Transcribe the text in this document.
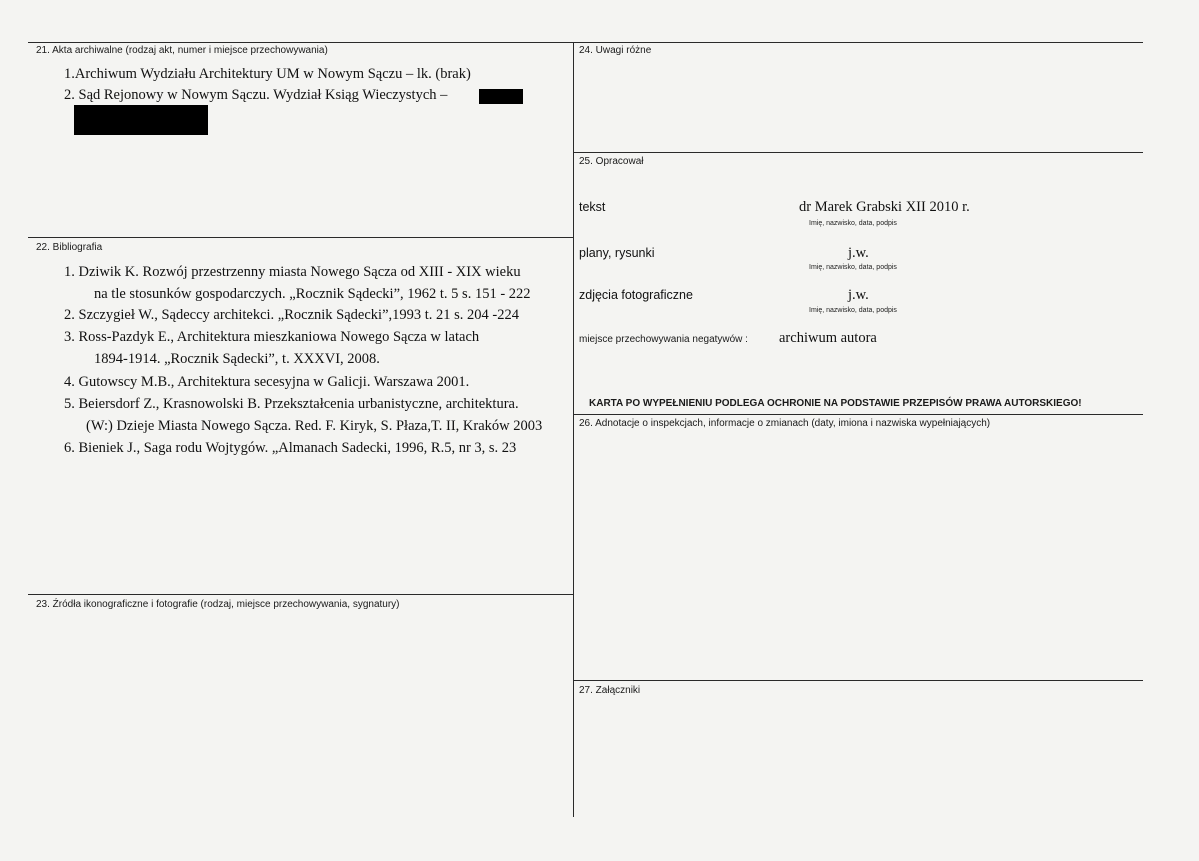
21. Akta archiwalne (rodzaj akt, numer i miejsce przechowywania)
1.Archiwum Wydziału Architektury UM w Nowym Sączu – lk. (brak)
2. Sąd Rejonowy w Nowym Sączu. Wydział Ksiąg Wieczystych –
22. Bibliografia
1. Dziwik K. Rozwój przestrzenny miasta Nowego Sącza od XIII - XIX wieku
na tle stosunków gospodarczych. „Rocznik Sądecki”, 1962 t. 5 s. 151 - 222
2. Szczygieł W., Sądeccy architekci. „Rocznik Sądecki”,1993 t. 21 s. 204 -224
3. Ross-Pazdyk E., Architektura mieszkaniowa Nowego Sącza w latach
1894-1914. „Rocznik Sądecki”, t. XXXVI, 2008.
4. Gutowscy M.B., Architektura secesyjna w Galicji. Warszawa 2001.
5. Beiersdorf Z., Krasnowolski B. Przekształcenia urbanistyczne, architektura.
(W:) Dzieje Miasta Nowego Sącza. Red. F. Kiryk, S. Płaza,T. II, Kraków 2003
6. Bieniek J., Saga rodu Wojtygów. „Almanach Sadecki, 1996, R.5, nr 3, s. 23
23. Źródła ikonograficzne i fotografie (rodzaj, miejsce przechowywania, sygnatury)
24. Uwagi różne
25. Opracował
tekst	dr Marek Grabski XII 2010 r.
Imię, nazwisko, data, podpis
plany, rysunki	j.w.
Imię, nazwisko, data, podpis
zdjęcia fotograficzne	j.w.
Imię, nazwisko, data, podpis
miejsce przechowywania negatywów : archiwum autora
KARTA PO WYPEŁNIENIU PODLEGA OCHRONIE NA PODSTAWIE PRZEPISÓW PRAWA AUTORSKIEGO!
26. Adnotacje o inspekcjach, informacje o zmianach (daty, imiona i nazwiska wypełniających)
27. Załączniki
